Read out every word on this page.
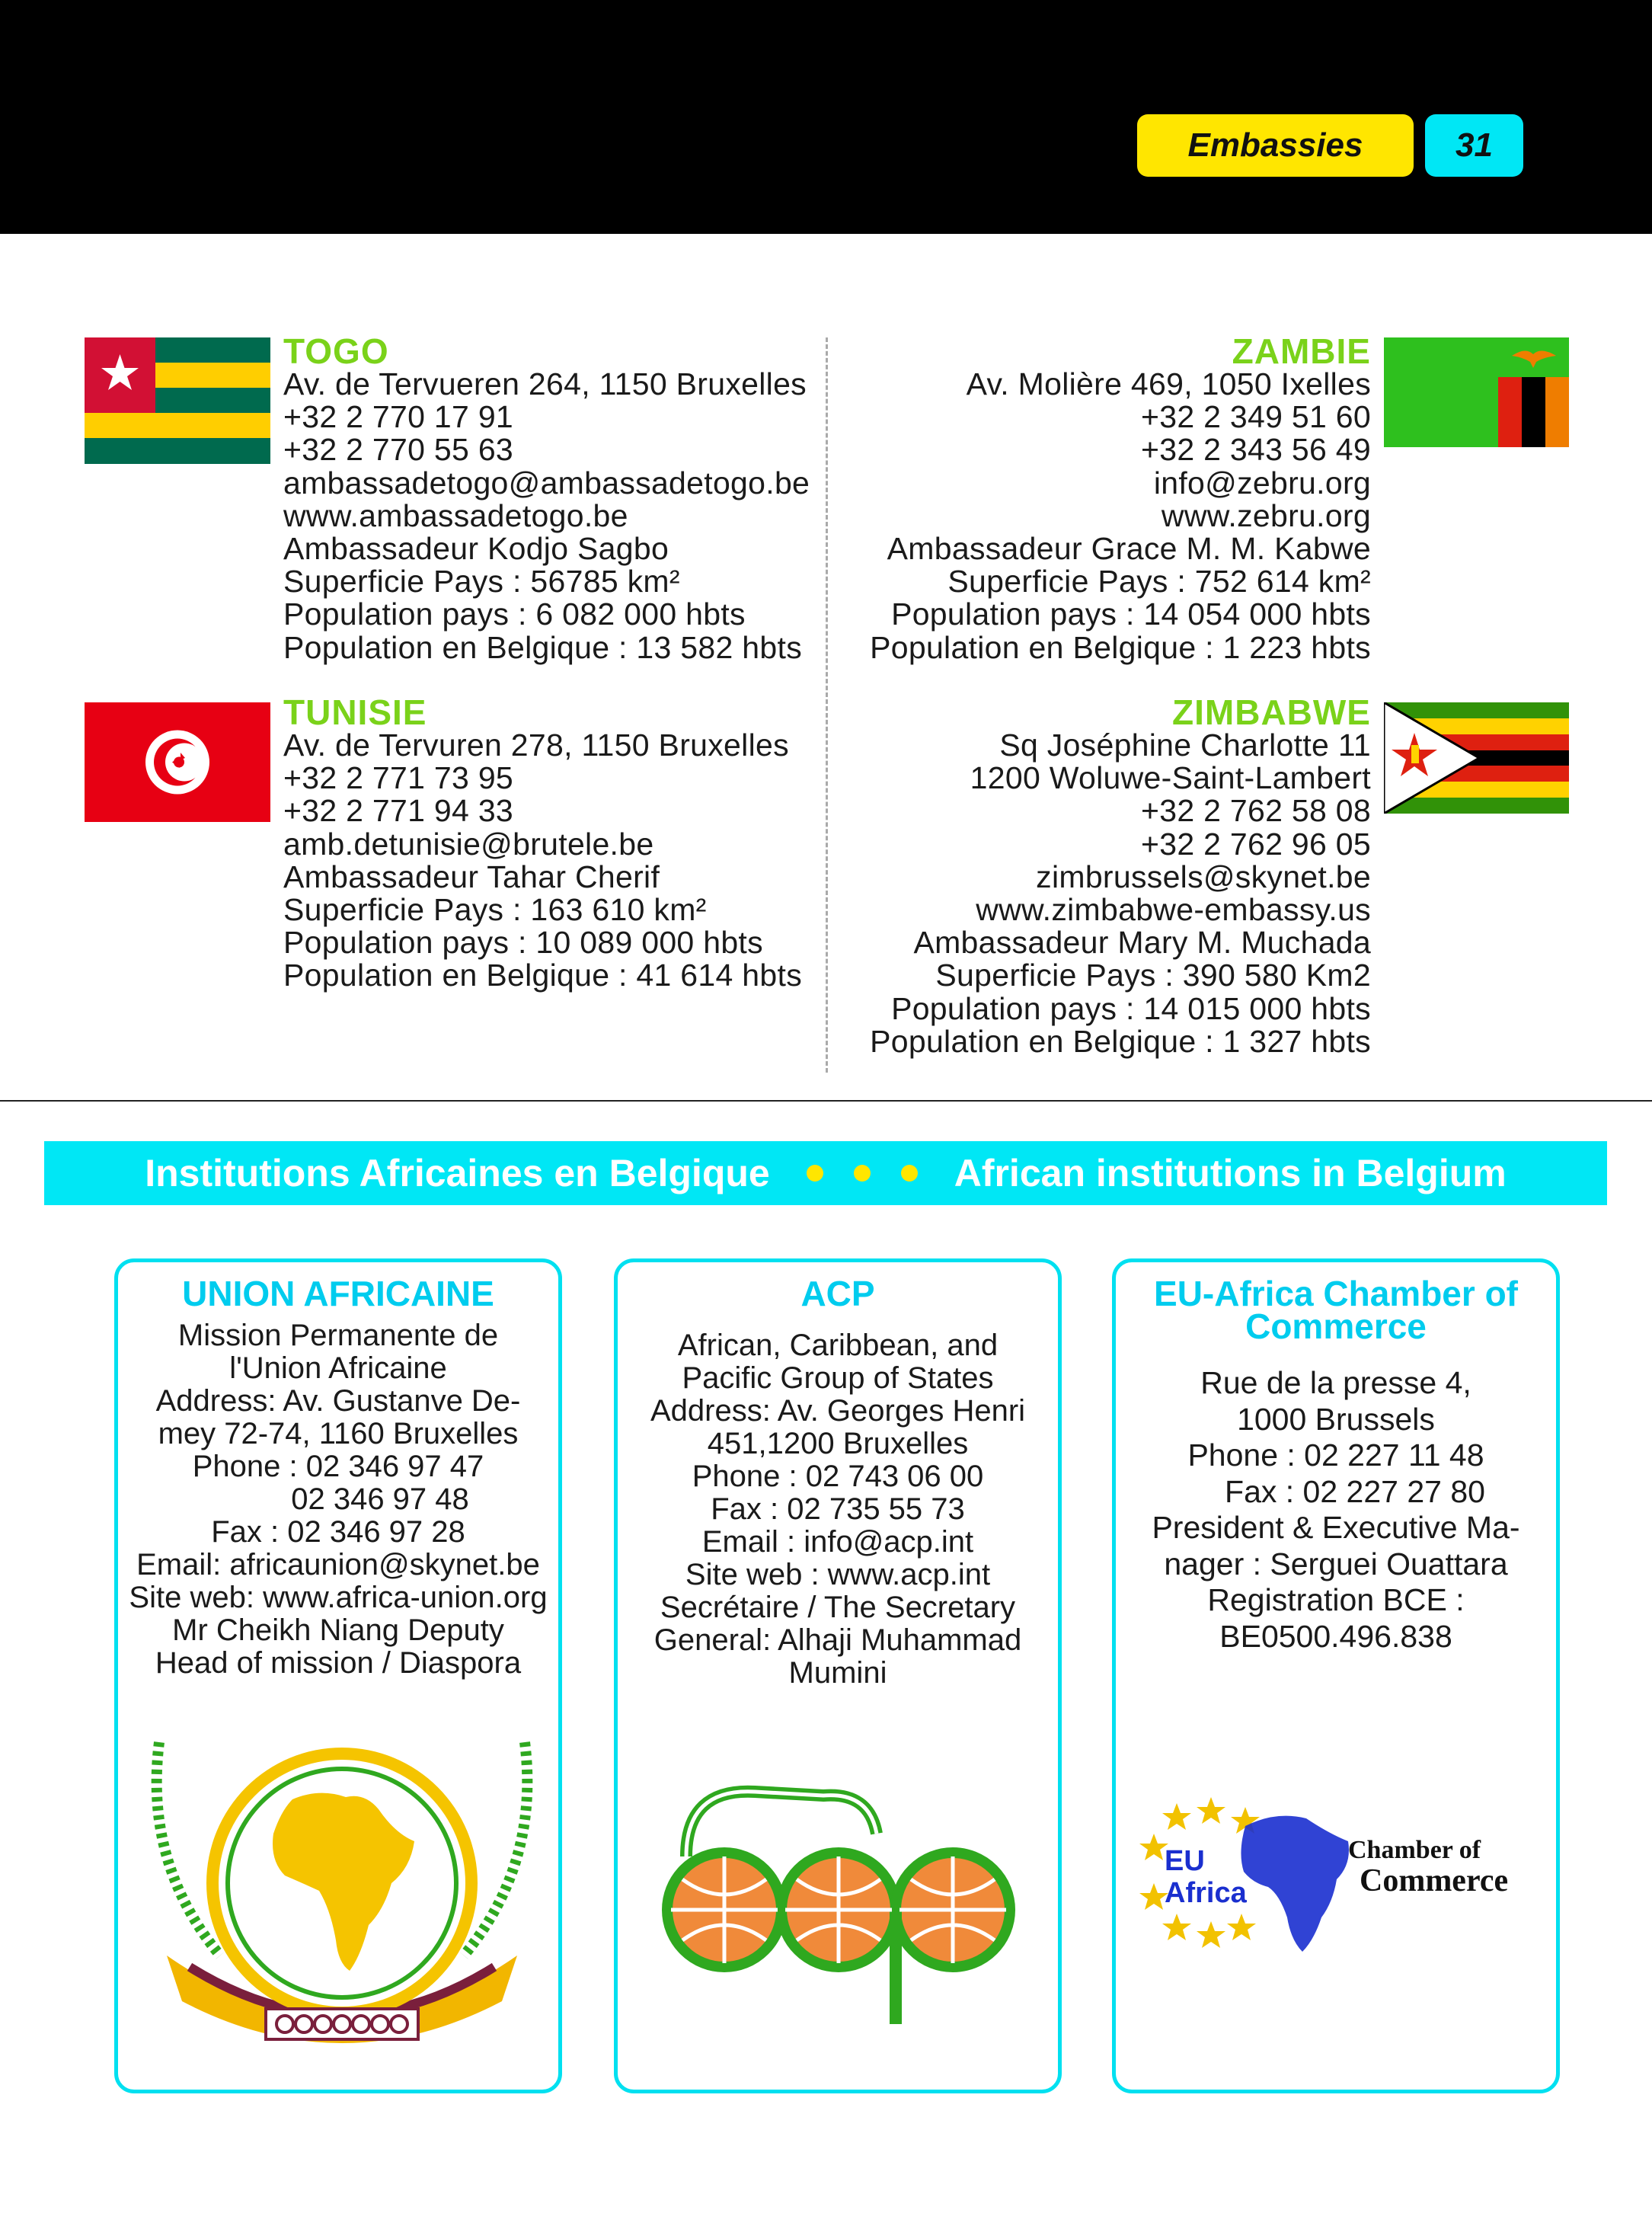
Embassies	31
TOGO
Av. de Tervueren 264, 1150 Bruxelles
+32 2 770 17 91
+32 2 770 55 63
ambassadetogo@ambassadetogo.be
www.ambassadetogo.be
Ambassadeur Kodjo Sagbo
Superficie Pays : 56785 km²
Population pays : 6 082 000 hbts
Population en Belgique : 13 582 hbts
ZAMBIE
Av. Molière 469, 1050 Ixelles
+32 2 349 51 60
+32 2 343 56 49
info@zebru.org
www.zebru.org
Ambassadeur Grace M. M. Kabwe
Superficie Pays : 752 614 km²
Population pays : 14 054 000 hbts
Population en Belgique : 1 223 hbts
TUNISIE
Av. de Tervuren 278, 1150 Bruxelles
+32 2 771 73 95
+32 2 771 94 33
amb.detunisie@brutele.be
Ambassadeur Tahar Cherif
Superficie Pays : 163 610 km²
Population pays : 10 089 000 hbts
Population en Belgique : 41 614 hbts
ZIMBABWE
Sq Joséphine Charlotte 11
1200 Woluwe-Saint-Lambert
+32 2 762 58 08
+32 2 762 96 05
zimbrussels@skynet.be
www.zimbabwe-embassy.us
Ambassadeur Mary M. Muchada
Superficie Pays : 390 580 Km2
Population pays : 14 015 000 hbts
Population en Belgique : 1 327 hbts
Institutions Africaines en Belgique	African institutions in Belgium
UNION AFRICAINE
Mission Permanente de
l'Union Africaine
Address: Av. Gustanve De-
mey 72-74, 1160 Bruxelles
Phone : 02 346 97 47
02 346 97 48
Fax : 02 346 97 28
Email: africaunion@skynet.be
Site web: www.africa-union.org
Mr Cheikh Niang Deputy
Head of mission / Diaspora
ACP
African, Caribbean, and
Pacific Group of States
Address: Av. Georges Henri
451,1200 Bruxelles
Phone : 02 743 06 00
Fax : 02 735 55 73
Email : info@acp.int
Site web : www.acp.int
Secrétaire / The Secretary
General: Alhaji Muhammad
Mumini
EU-Africa Chamber of
Commerce
Rue de la presse 4,
1000 Brussels
Phone : 02 227 11 48
Fax : 02 227 27 80
President & Executive Ma-
nager : Serguei Ouattara
Registration BCE :
BE0500.496.838
EU
Africa
Chamber of
Commerce
